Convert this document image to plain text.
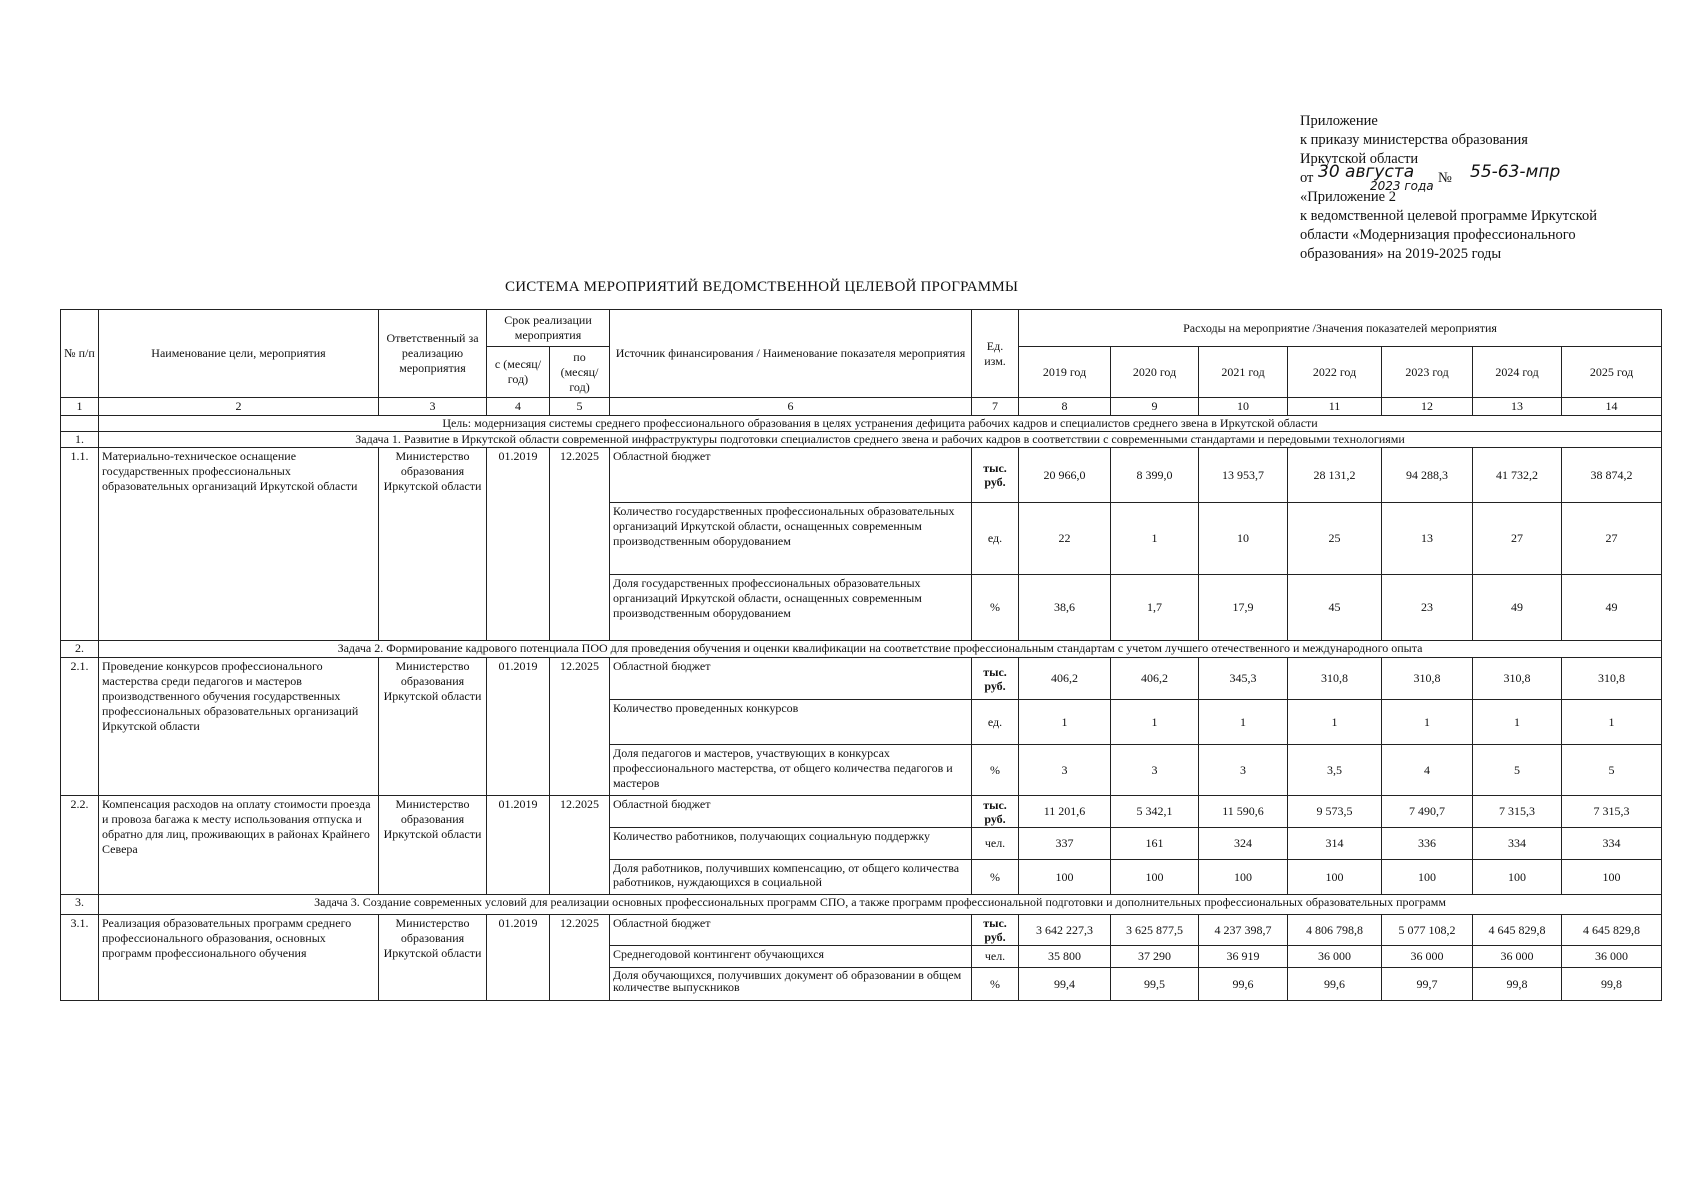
Приложение
к приказу министерства образования
Иркутской области
от 30 августа № 55-63-мпр
2023 года
«Приложение 2
к ведомственной целевой программе Иркутской
области «Модернизация профессионального
образования» на 2019-2025 годы
СИСТЕМА МЕРОПРИЯТИЙ ВЕДОМСТВЕННОЙ ЦЕЛЕВОЙ ПРОГРАММЫ
№ п/п	Наименование цели, мероприятия	Ответственный за реализацию мероприятия	Срок реализации мероприятия		Источник финансирования / Наименование показателя мероприятия	Ед. изм.	Расходы на мероприятие /Значения показателей мероприятия						
			с (месяц/ год)	по (месяц/ год)			2019 год	2020 год	2021 год	2022 год	2023 год	2024 год	2025 год
1	2	3	4	5	6	7	8	9	10	11	12	13	14
	Цель: модернизация системы среднего профессионального образования в целях устранения дефицита рабочих кадров и специалистов среднего звена в Иркутской области												
1.	Задача 1. Развитие в Иркутской области современной инфраструктуры подготовки специалистов среднего звена и рабочих кадров в соответствии с современными стандартами и передовыми технологиями												
1.1.	Материально-техническое оснащение государственных профессиональных образовательных организаций Иркутской области	Министерство образования Иркутской области	01.2019	12.2025	Областной бюджет	тыс. руб.	20 966,0	8 399,0	13 953,7	28 131,2	94 288,3	41 732,2	38 874,2
					Количество государственных профессиональных образовательных организаций Иркутской области, оснащенных современным производственным оборудованием	ед.	22	1	10	25	13	27	27
					Доля государственных профессиональных образовательных организаций Иркутской области, оснащенных современным производственным оборудованием	%	38,6	1,7	17,9	45	23	49	49
2.	Задача 2. Формирование кадрового потенциала ПОО для проведения обучения и оценки квалификации на соответствие профессиональным стандартам с учетом лучшего отечественного и международного опыта												
2.1.	Проведение конкурсов профессионального мастерства среди педагогов и мастеров производственного обучения государственных профессиональных образовательных организаций Иркутской области	Министерство образования Иркутской области	01.2019	12.2025	Областной бюджет	тыс. руб.	406,2	406,2	345,3	310,8	310,8	310,8	310,8
					Количество проведенных конкурсов	ед.	1	1	1	1	1	1	1
					Доля педагогов и мастеров, участвующих в конкурсах профессионального мастерства, от общего количества педагогов и мастеров	%	3	3	3	3,5	4	5	5
2.2.	Компенсация расходов на оплату стоимости проезда и провоза багажа к месту использования отпуска и обратно для лиц, проживающих в районах Крайнего Севера	Министерство образования Иркутской области	01.2019	12.2025	Областной бюджет	тыс. руб.	11 201,6	5 342,1	11 590,6	9 573,5	7 490,7	7 315,3	7 315,3
					Количество работников, получающих социальную поддержку	чел.	337	161	324	314	336	334	334
					Доля работников, получивших компенсацию, от общего количества работников, нуждающихся в социальной	%	100	100	100	100	100	100	100
3.	Задача 3. Создание современных условий для реализации основных профессиональных программ СПО, а также программ профессиональной подготовки и дополнительных профессиональных образовательных программ												
3.1.	Реализация образовательных программ среднего профессионального образования, основных программ профессионального обучения	Министерство образования Иркутской области	01.2019	12.2025	Областной бюджет	тыс. руб.	3 642 227,3	3 625 877,5	4 237 398,7	4 806 798,8	5 077 108,2	4 645 829,8	4 645 829,8
					Среднегодовой контингент обучающихся	чел.	35 800	37 290	36 919	36 000	36 000	36 000	36 000
					Доля обучающихся, получивших документ об образовании в общем количестве выпускников	%	99,4	99,5	99,6	99,6	99,7	99,8	99,8
